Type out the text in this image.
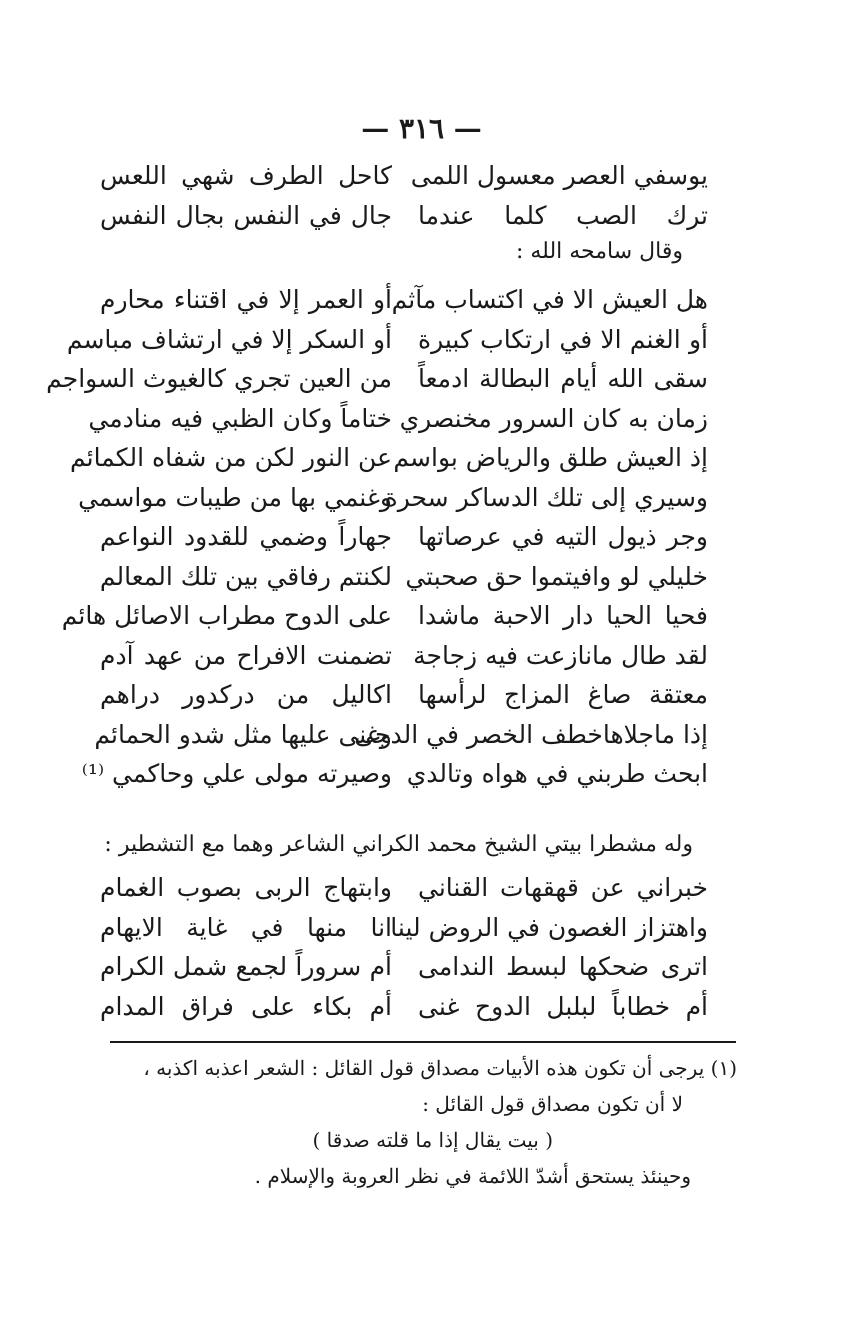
— ٣١٦ —
يوسفي العصر معسول اللمى
كاحل الطرف شهي اللعس
ترك الصب كلما عندما
جال في النفس بجال النفس
وقال سامحه الله :
هل العيش الا في اكتساب مآثم
أو العمر إلا في اقتناء محارم
أو الغنم الا في ارتكاب كبيرة
أو السكر إلا في ارتشاف مباسم
سقى الله أيام البطالة ادمعاً
من العين تجري كالغيوث السواجم
زمان به كان السرور مخنصري
ختاماً وكان الظبي فيه منادمي
إذ العيش طلق والرياض بواسم
عن النور لكن من شفاه الكمائم
وسيري إلى تلك الدساكر سحرة
وغنمي بها من طيبات مواسمي
وجر ذيول التيه في عرصاتها
جهاراً وضمي للقدود النواعم
خليلي لو وافيتموا حق صحبتي
لكنتم رفاقي بين تلك المعالم
فحيا الحيا دار الاحبة ماشدا
على الدوح مطراب الاصائل هائم
لقد طال مانازعت فيه زجاجة
تضمنت الافراح من عهد آدم
معتقة صاغ المزاج لرأسها
اكاليل من دركدور دراهم
إذا ماجلاهاخطف الخصر في الدجى
وغنى عليها مثل شدو الحمائم
ابحث طربني في هواه وتالدي
وصيرته مولى علي وحاكمي ⁽¹⁾
وله مشطرا بيتي الشيخ محمد الكراني الشاعر وهما مع التشطير :
خبراني عن قهقهات القناني
وابتهاج الربى بصوب الغمام
واهتزاز الغصون في الروض لينا
انا منها في غاية الايهام
اترى ضحكها لبسط الندامى
أم سروراً لجمع شمل الكرام
أم خطاباً لبلبل الدوح غنى
أم بكاء على فراق المدام
(١) يرجى أن تكون هذه الأبيات مصداق قول القائل : الشعر اعذبه اكذبه ،
لا أن تكون مصداق قول القائل :
( بيت يقال إذا ما قلته صدقا )
وحينئذ يستحق أشدّ اللائمة في نظر العروبة والإسلام .
